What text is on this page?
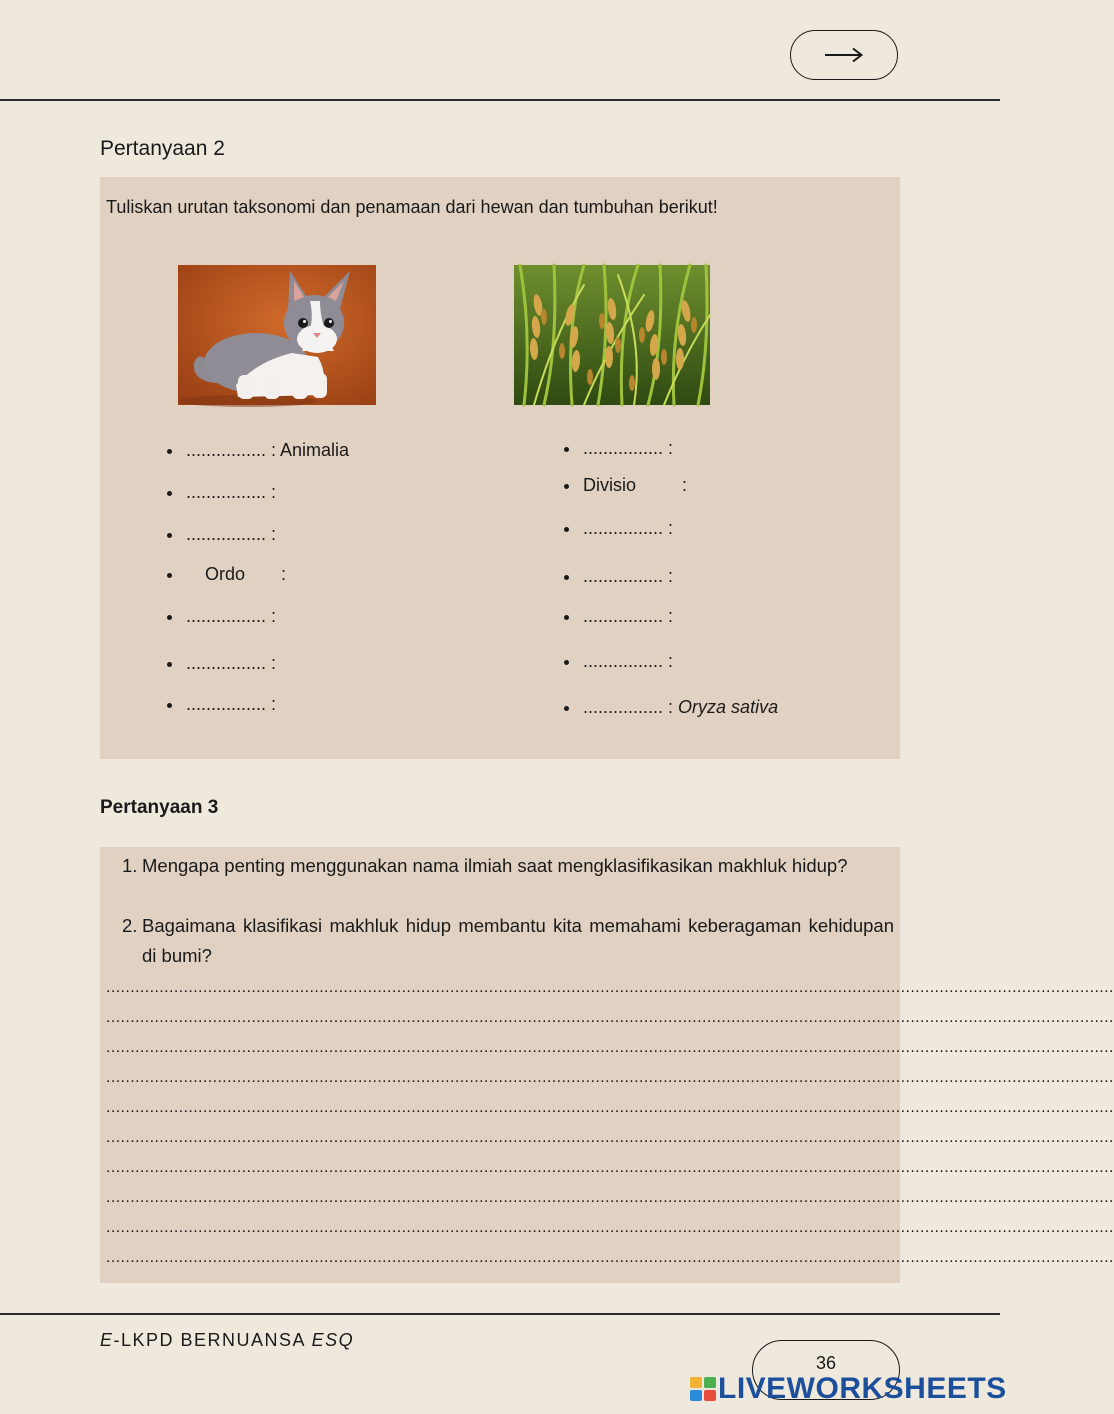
Pertanyaan 2
Tuliskan urutan taksonomi dan penamaan dari hewan dan tumbuhan berikut!
................ : Animalia
................ :
................ :
Ordo :
................ :
................ :
................ :
................ :
Divisio	:
................ :
................ :
................ :
................ :
................ : Oryza sativa
Pertanyaan 3
1. Mengapa penting menggunakan nama ilmiah saat mengklasifikasikan makhluk hidup?
2. Bagaimana klasifikasi makhluk hidup membantu kita memahami keberagaman kehidupan di bumi?
................................................................................................................................................................................................................
................................................................................................................................................................................................................
................................................................................................................................................................................................................
................................................................................................................................................................................................................
................................................................................................................................................................................................................
................................................................................................................................................................................................................
................................................................................................................................................................................................................
................................................................................................................................................................................................................
................................................................................................................................................................................................................
................................................................................................................................................................................................................
E-LKPD BERNUANSA ESQ
36
LIVEWORKSHEETS
